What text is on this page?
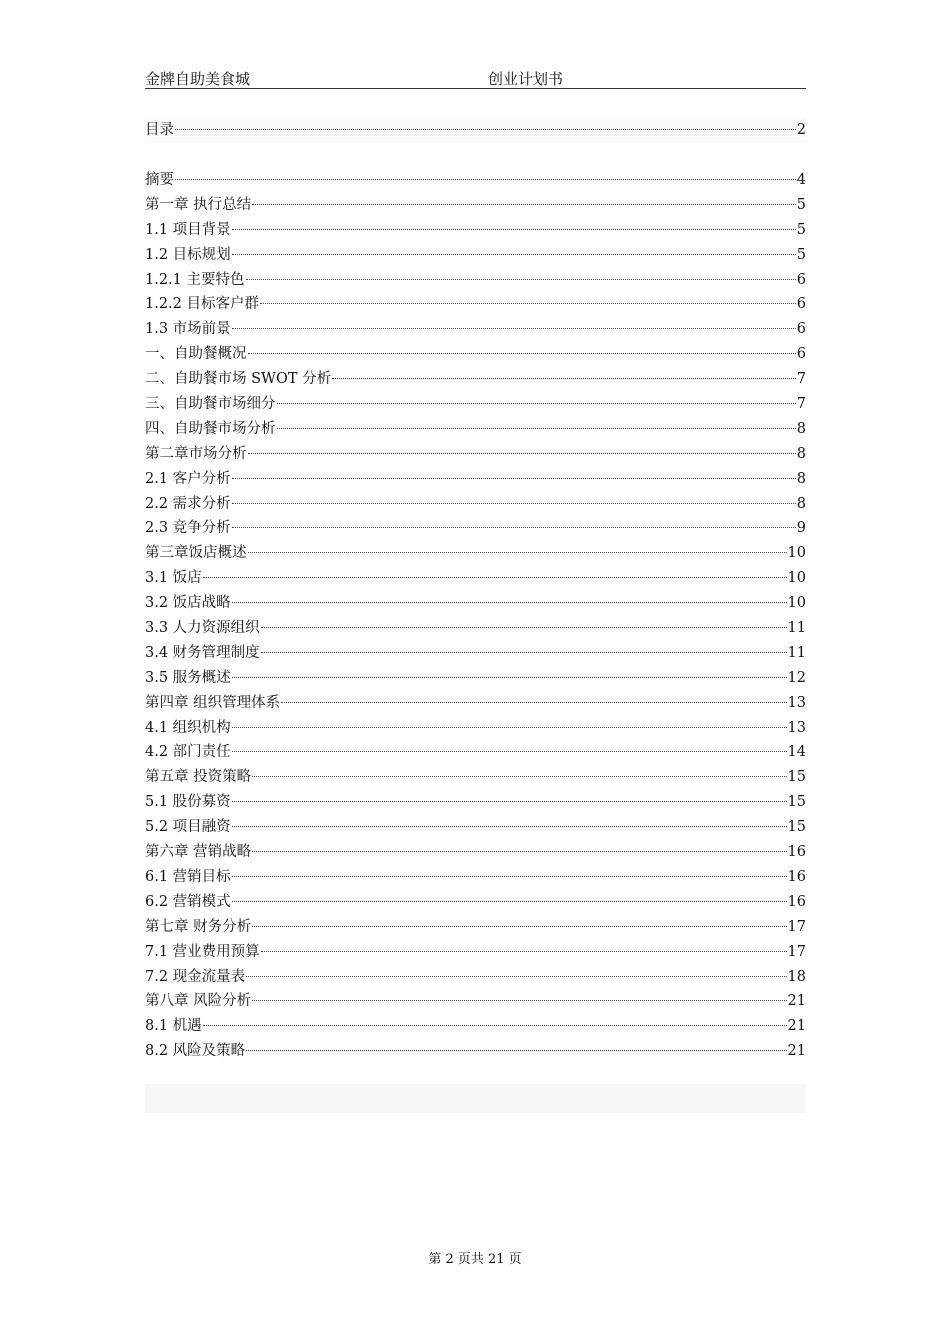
金牌自助美食城	创业计划书
目录	2
摘要	4
第一章 执行总结	5
1.1 项目背景	5
1.2 目标规划	5
1.2.1 主要特色	6
1.2.2 目标客户群	6
1.3 市场前景	6
一、自助餐概况	6
二、自助餐市场 SWOT 分析	7
三、自助餐市场细分	7
四、自助餐市场分析	8
第二章市场分析	8
2.1 客户分析	8
2.2 需求分析	8
2.3 竞争分析	9
第三章饭店概述	10
3.1 饭店	10
3.2 饭店战略	10
3.3 人力资源组织	11
3.4 财务管理制度	11
3.5 服务概述	12
第四章 组织管理体系	13
4.1 组织机构	13
4.2 部门责任	14
第五章 投资策略	15
5.1 股份募资	15
5.2 项目融资	15
第六章 营销战略	16
6.1 营销目标	16
6.2 营销模式	16
第七章 财务分析	17
7.1 营业费用预算	17
7.2 现金流量表	18
第八章 风险分析	21
8.1 机遇	21
8.2 风险及策略	21
第 2 页共 21 页
